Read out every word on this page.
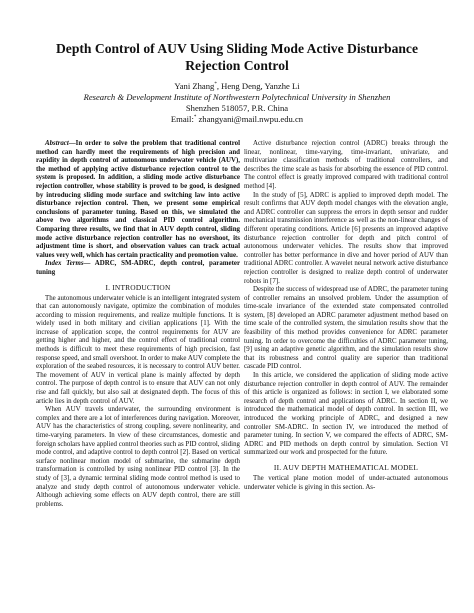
Depth Control of AUV Using Sliding Mode Active Disturbance
Rejection Control
Yani Zhang*, Heng Deng, Yanzhe Li
Research & Development Institute of Northwestern Polytechnical University in Shenzhen
Shenzhen 518057, P.R. China
Email:* zhangyani@mail.nwpu.edu.cn

Abstract—In order to solve the problem that traditional control method can hardly meet the requirements of high precision and rapidity in depth control of autonomous underwater vehicle (AUV), the method of applying active disturbance rejection control to the system is proposed. In addition, a sliding mode active disturbance rejection controller, whose stability is proved to be good, is designed by introducing sliding mode surface and switching law into active disturbance rejection control. Then, we present some empirical conclusions of parameter tuning. Based on this, we simulated the above two algorithms and classical PID control algorithm. Comparing three results, we find that in AUV depth control, sliding mode active disturbance rejection controller has no overshoot, its adjustment time is short, and observation values can track actual values very well, which has certain practicality and promotion value.

Index Terms— ADRC, SM-ADRC, depth control, parameter tuning

I. INTRODUCTION

The autonomous underwater vehicle is an intelligent integrated system that can autonomously navigate, optimize the combination of modules according to mission requirements, and realize multiple functions. It is widely used in both military and civilian applications [1]. With the increase of application scope, the control requirements for AUV are getting higher and higher, and the control effect of traditional control methods is difficult to meet these requirements of high precision, fast response speed, and small overshoot. In order to make AUV complete the exploration of the seabed resources, it is necessary to control AUV better. The movement of AUV in vertical plane is mainly affected by depth control. The purpose of depth control is to ensure that AUV can not only rise and fall quickly, but also sail at designated depth. The focus of this article lies in depth control of AUV.

When AUV travels underwater, the surrounding environment is complex and there are a lot of interferences during navigation. Moreover, AUV has the characteristics of strong coupling, severe nonlinearity, and time-varying parameters. In view of these circumstances, domestic and foreign scholars have applied control theories such as PID control, sliding mode control, and adaptive control to depth control [2]. Based on vertical surface nonlinear motion model of submarine, the submarine depth transformation is controlled by using nonlinear PID control [3]. In the study of [3], a dynamic terminal sliding mode control method is used to analyze and study depth control of autonomous underwater vehicle. Although achieving some effects on AUV depth control, there are still problems.

Active disturbance rejection control (ADRC) breaks through the linear, nonlinear, time-varying, time-invariant, univariate, and multivariate classification methods of traditional controllers, and describes the time scale as basis for absorbing the essence of PID control. The control effect is greatly improved compared with traditional control method [4].

In the study of [5], ADRC is applied to improved depth model. The result confirms that AUV depth model changes with the elevation angle, and ADRC controller can suppress the errors in depth sensor and rudder mechanical transmission interference as well as the non-linear changes of different operating conditions. Article [6] presents an improved adaptive disturbance rejection controller for depth and pitch control of autonomous underwater vehicles. The results show that improved controller has better performance in dive and hover period of AUV than traditional ADRC controller. A wavelet neural network active disturbance rejection controller is designed to realize depth control of underwater robots in [7].

Despite the success of widespread use of ADRC, the parameter tuning of controller remains an unsolved problem. Under the assumption of time-scale invariance of the extended state compensated controlled system, [8] developed an ADRC parameter adjustment method based on time scale of the controlled system, the simulation results show that the feasibility of this method provides convenience for ADRC parameter tuning. In order to overcome the difficulties of ADRC parameter tuning, [9] using an adaptive genetic algorithm, and the simulation results show that its robustness and control quality are superior than traditional cascade PID control.

In this article, we considered the application of sliding mode active disturbance rejection controller in depth control of AUV. The remainder of this article is organized as follows: in section I, we elaborated some research of depth control and applications of ADRC. In section II, we introduced the mathematical model of depth control. In section III, we introduced the working principle of ADRC, and designed a new controller SM-ADRC. In section IV, we introduced the method of parameter tuning. In section V, we compared the effects of ADRC, SM-ADRC and PID methods on depth control by simulation. Section VI summarized our work and prospected for the future.

II. AUV DEPTH MATHEMATICAL MODEL

The vertical plane motion model of under-actuated autonomous underwater vehicle is giving in this section. As-
